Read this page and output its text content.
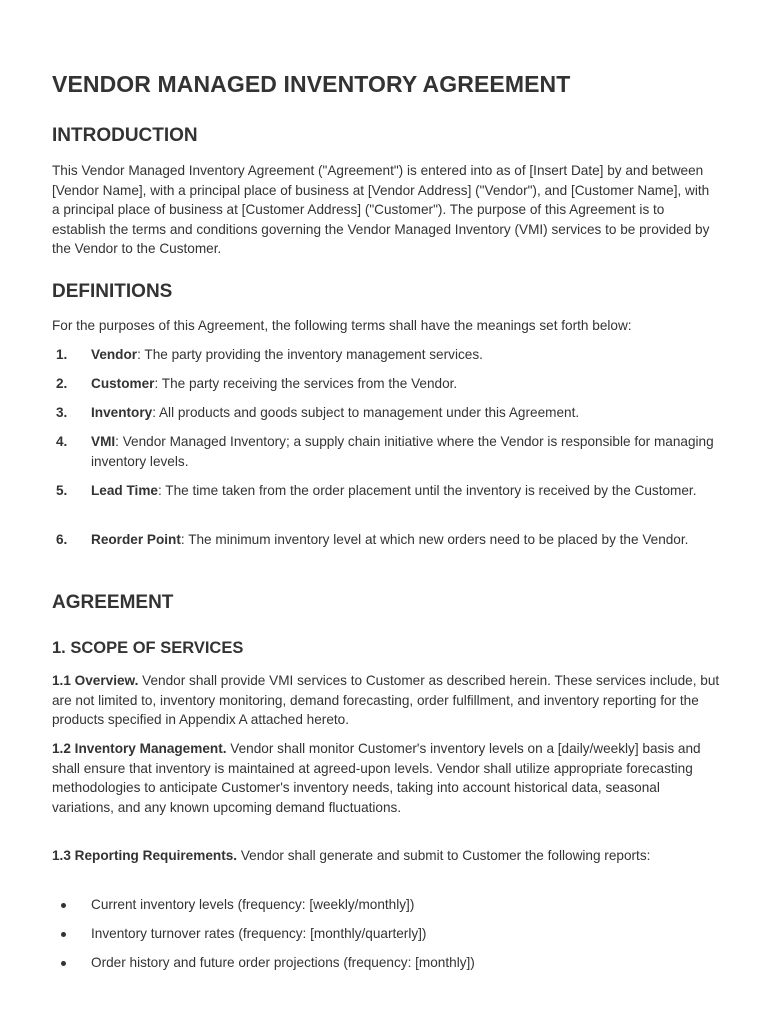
VENDOR MANAGED INVENTORY AGREEMENT
INTRODUCTION

This Vendor Managed Inventory Agreement ("Agreement") is entered into as of [Insert Date] by and between [Vendor Name], with a principal place of business at [Vendor Address] ("Vendor"), and [Customer Name], with a principal place of business at [Customer Address] ("Customer"). The purpose of this Agreement is to establish the terms and conditions governing the Vendor Managed Inventory (VMI) services to be provided by the Vendor to the Customer.

DEFINITIONS

For the purposes of this Agreement, the following terms shall have the meanings set forth below:

1. Vendor: The party providing the inventory management services.
2. Customer: The party receiving the services from the Vendor.
3. Inventory: All products and goods subject to management under this Agreement.
4. VMI: Vendor Managed Inventory; a supply chain initiative where the Vendor is responsible for managing inventory levels.
5. Lead Time: The time taken from the order placement until the inventory is received by the Customer.
6. Reorder Point: The minimum inventory level at which new orders need to be placed by the Vendor.
AGREEMENT
1. SCOPE OF SERVICES

1.1 Overview. Vendor shall provide VMI services to Customer as described herein. These services include, but are not limited to, inventory monitoring, demand forecasting, order fulfillment, and inventory reporting for the products specified in Appendix A attached hereto.

1.2 Inventory Management. Vendor shall monitor Customer's inventory levels on a [daily/weekly] basis and shall ensure that inventory is maintained at agreed-upon levels. Vendor shall utilize appropriate forecasting methodologies to anticipate Customer's inventory needs, taking into account historical data, seasonal variations, and any known upcoming demand fluctuations.

1.3 Reporting Requirements. Vendor shall generate and submit to Customer the following reports:

Current inventory levels (frequency: [weekly/monthly])
Inventory turnover rates (frequency: [monthly/quarterly])
Order history and future order projections (frequency: [monthly])
